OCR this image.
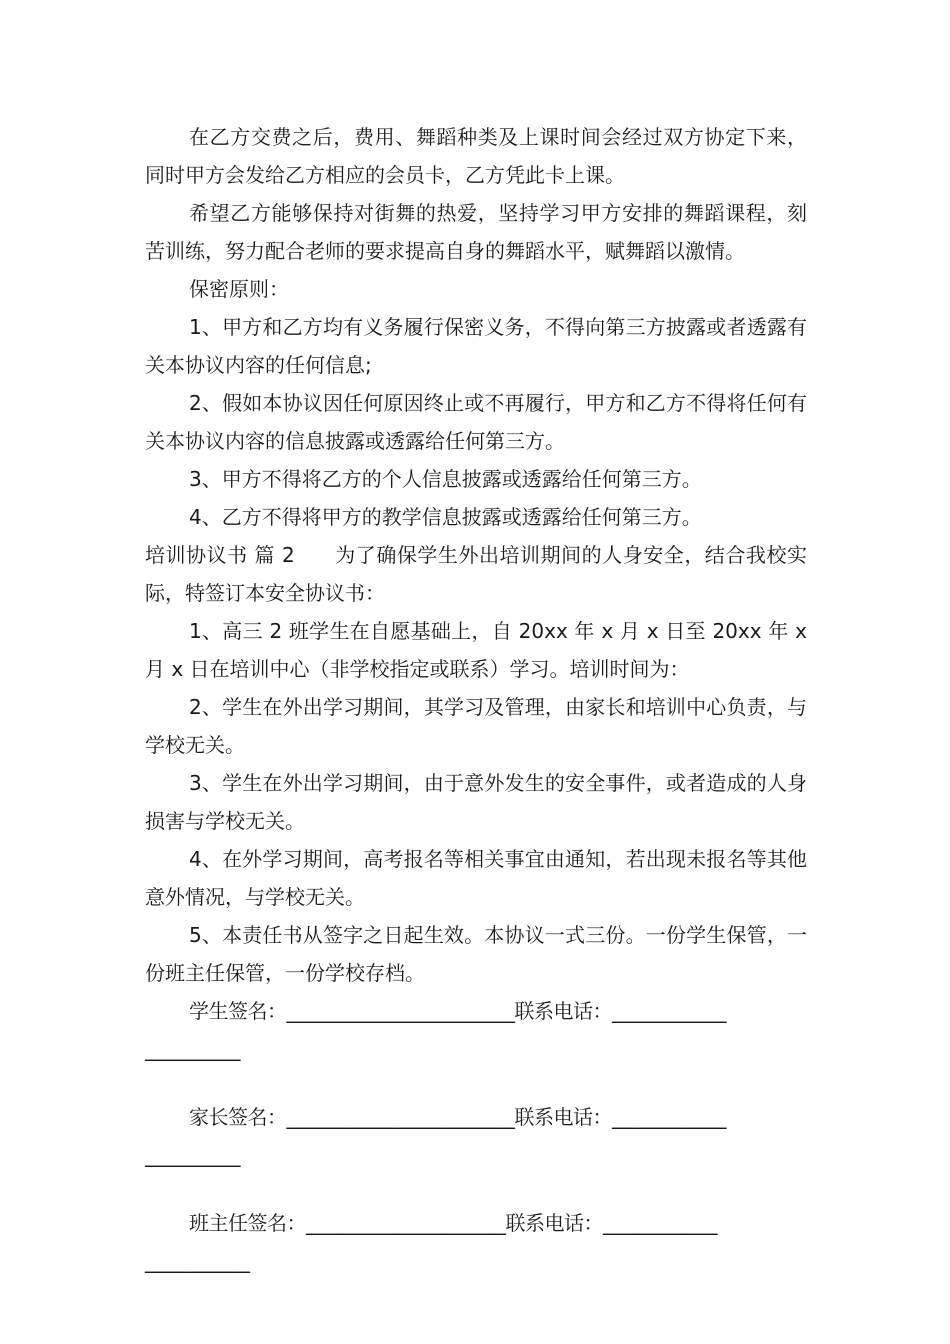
在乙方交费之后，费用、舞蹈种类及上课时间会经过双方协定下来，同时甲方会发给乙方相应的会员卡，乙方凭此卡上课。

希望乙方能够保持对街舞的热爱，坚持学习甲方安排的舞蹈课程，刻苦训练，努力配合老师的要求提高自身的舞蹈水平，赋舞蹈以激情。

保密原则：

1、甲方和乙方均有义务履行保密义务，不得向第三方披露或者透露有关本协议内容的任何信息;

2、假如本协议因任何原因终止或不再履行，甲方和乙方不得将任何有关本协议内容的信息披露或透露给任何第三方。

3、甲方不得将乙方的个人信息披露或透露给任何第三方。

4、乙方不得将甲方的教学信息披露或透露给任何第三方。

培训协议书 篇 2 为了确保学生外出培训期间的人身安全，结合我校实际，特签订本安全协议书：

1、高三 2 班学生在自愿基础上，自 20xx 年 x 月 x 日至 20xx 年 x 月 x 日在培训中心（非学校指定或联系）学习。培训时间为：

2、学生在外出学习期间，其学习及管理，由家长和培训中心负责，与学校无关。

3、学生在外出学习期间，由于意外发生的安全事件，或者造成的人身损害与学校无关。

4、在外学习期间，高考报名等相关事宜由通知，若出现未报名等其他意外情况，与学校无关。

5、本责任书从签字之日起生效。本协议一式三份。一份学生保管，一份班主任保管，一份学校存档。

学生签名：________________________联系电话：____________

__________

家长签名：________________________联系电话：____________

__________

班主任签名：_____________________联系电话：____________

___________
